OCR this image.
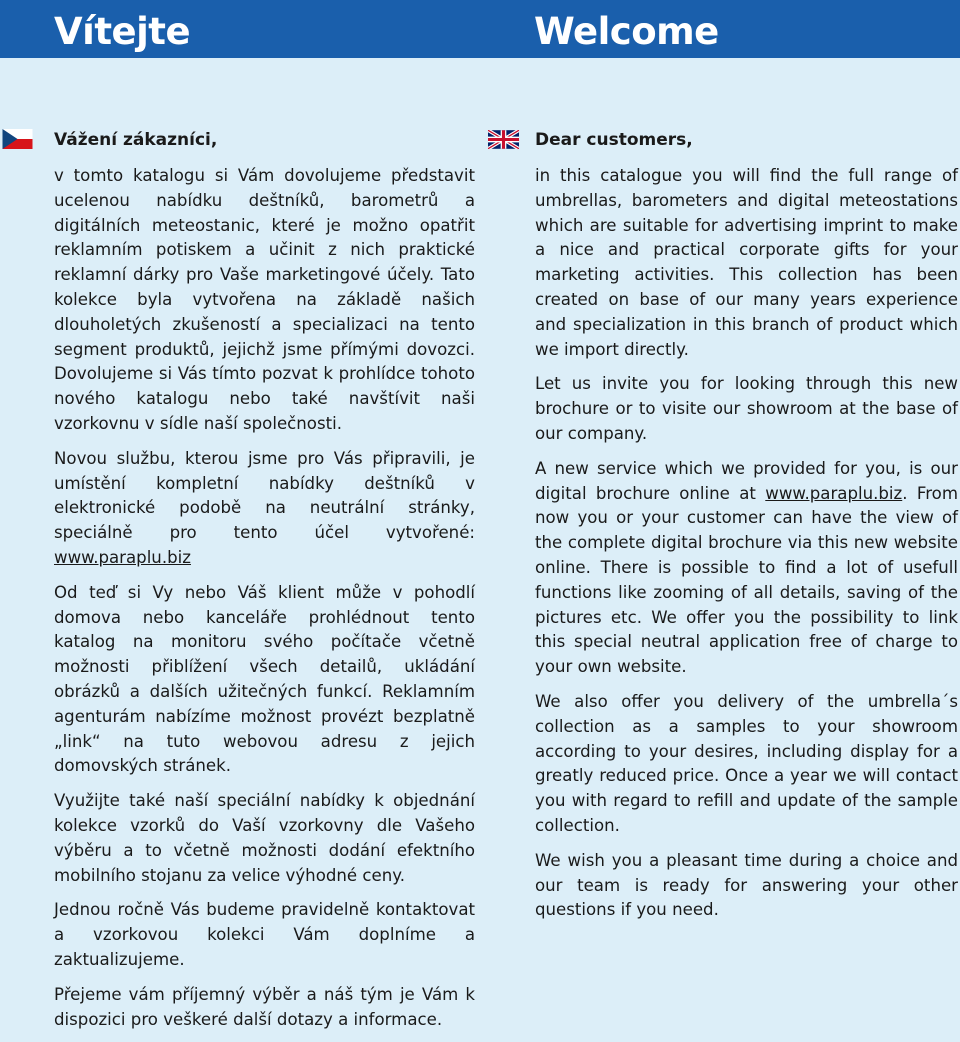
Vítejte	Welcome
Vážení zákazníci,

v tomto katalogu si Vám dovolujeme představit ucelenou nabídku deštníků, barometrů a digitálních meteostanic, které je možno opatřit reklamním potiskem a učinit z nich praktické reklamní dárky pro Vaše marketingové účely. Tato kolekce byla vytvořena na základě našich dlouholetých zkušeností a specializaci na tento segment produktů, jejichž jsme přímými dovozci. Dovolujeme si Vás tímto pozvat k prohlídce tohoto nového katalogu nebo také navštívit naši vzorkovnu v sídle naší společnosti.

Novou službu, kterou jsme pro Vás připravili, je umístění kompletní nabídky deštníků v elektronické podobě na neutrální stránky, speciálně pro tento účel vytvořené: www.paraplu.biz

Od teď si Vy nebo Váš klient může v pohodlí domova nebo kanceláře prohlédnout tento katalog na monitoru svého počítače včetně možnosti přiblížení všech detailů, ukládání obrázků a dalších užitečných funkcí. Reklamním agenturám nabízíme možnost provézt bezplatně „link“ na tuto webovou adresu z jejich domovských stránek.

Využijte také naší speciální nabídky k objednání kolekce vzorků do Vaší vzorkovny dle Vašeho výběru a to včetně možnosti dodání efektního mobilního stojanu za velice výhodné ceny.

Jednou ročně Vás budeme pravidelně kontaktovat a vzorkovou kolekci Vám doplníme a zaktualizujeme.

Přejeme vám příjemný výběr a náš tým je Vám k dispozici pro veškeré další dotazy a informace.

Dear customers,

in this catalogue you will find the full range of umbrellas, barometers and digital meteostations which are suitable for advertising imprint to make a nice and practical corporate gifts for your marketing activities. This collection has been created on base of our many years experience and specialization in this branch of product which we import directly.

Let us invite you for looking through this new brochure or to visite our showroom at the base of our company.

A new service which we provided for you, is our digital brochure online at www.paraplu.biz. From now you or your customer can have the view of the complete digital brochure via this new website online. There is possible to find a lot of usefull functions like zooming of all details, saving of the pictures etc. We offer you the possibility to link this special neutral application free of charge to your own website.

We also offer you delivery of the umbrella´s collection as a samples to your showroom according to your desires, including display for a greatly reduced price. Once a year we will contact you with regard to refill and update of the sample collection.

We wish you a pleasant time during a choice and our team is ready for answering your other questions if you need.
